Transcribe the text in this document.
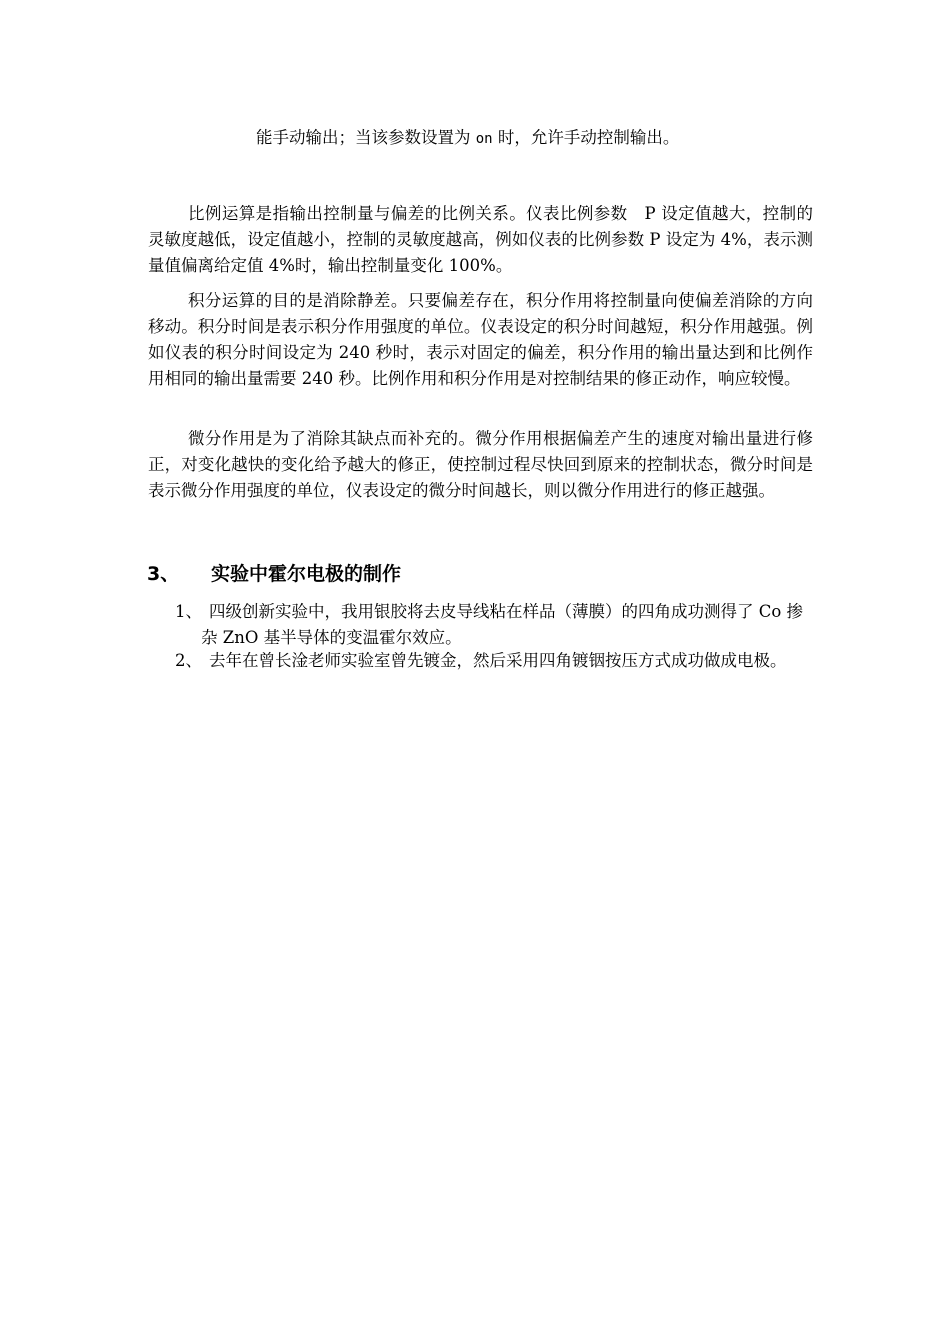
能手动输出；当该参数设置为 on 时，允许手动控制输出。

比例运算是指输出控制量与偏差的比例关系。仪表比例参数　P 设定值越大，控制的灵敏度越低，设定值越小，控制的灵敏度越高，例如仪表的比例参数 P 设定为 4%，表示测量值偏离给定值 4%时，输出控制量变化 100%。

积分运算的目的是消除静差。只要偏差存在，积分作用将控制量向使偏差消除的方向移动。积分时间是表示积分作用强度的单位。仪表设定的积分时间越短，积分作用越强。例如仪表的积分时间设定为 240 秒时，表示对固定的偏差，积分作用的输出量达到和比例作用相同的输出量需要 240 秒。比例作用和积分作用是对控制结果的修正动作，响应较慢。

微分作用是为了消除其缺点而补充的。微分作用根据偏差产生的速度对输出量进行修正，对变化越快的变化给予越大的修正，使控制过程尽快回到原来的控制状态，微分时间是表示微分作用强度的单位，仪表设定的微分时间越长，则以微分作用进行的修正越强。

3、 实验中霍尔电极的制作
1、 四级创新实验中，我用银胶将去皮导线粘在样品（薄膜）的四角成功测得了 Co 掺杂 ZnO 基半导体的变温霍尔效应。
2、 去年在曾长淦老师实验室曾先镀金，然后采用四角镀铟按压方式成功做成电极。
